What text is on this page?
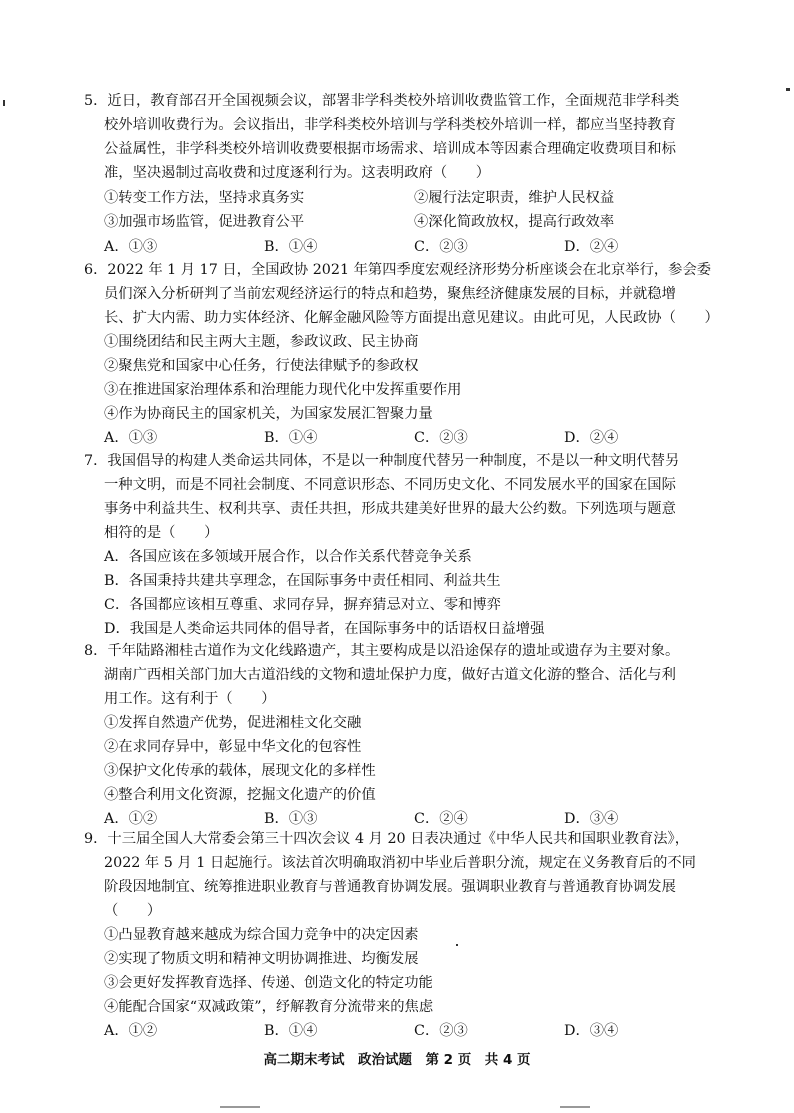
5．近日，教育部召开全国视频会议，部署非学科类校外培训收费监管工作，全面规范非学科类
校外培训收费行为。会议指出，非学科类校外培训与学科类校外培训一样，都应当坚持教育
公益属性，非学科类校外培训收费要根据市场需求、培训成本等因素合理确定收费项目和标
准，坚决遏制过高收费和过度逐利行为。这表明政府（　　）
①转变工作方法，坚持求真务实	②履行法定职责，维护人民权益
③加强市场监管，促进教育公平	④深化简政放权，提高行政效率
A．①③	B．①④	C．②③	D．②④
6．2022 年 1 月 17 日，全国政协 2021 年第四季度宏观经济形势分析座谈会在北京举行，参会委
员们深入分析研判了当前宏观经济运行的特点和趋势，聚焦经济健康发展的目标，并就稳增
长、扩大内需、助力实体经济、化解金融风险等方面提出意见建议。由此可见，人民政协（　　）
①围绕团结和民主两大主题，参政议政、民主协商
②聚焦党和国家中心任务，行使法律赋予的参政权
③在推进国家治理体系和治理能力现代化中发挥重要作用
④作为协商民主的国家机关，为国家发展汇智聚力量
A．①③	B．①④	C．②③	D．②④
7．我国倡导的构建人类命运共同体，不是以一种制度代替另一种制度，不是以一种文明代替另
一种文明，而是不同社会制度、不同意识形态、不同历史文化、不同发展水平的国家在国际
事务中利益共生、权利共享、责任共担，形成共建美好世界的最大公约数。下列选项与题意
相符的是（　　）
A．各国应该在多领域开展合作，以合作关系代替竞争关系
B．各国秉持共建共享理念，在国际事务中责任相同、利益共生
C．各国都应该相互尊重、求同存异，摒弃猜忌对立、零和博弈
D．我国是人类命运共同体的倡导者，在国际事务中的话语权日益增强
8．千年陆路湘桂古道作为文化线路遗产，其主要构成是以沿途保存的遗址或遗存为主要对象。
湖南广西相关部门加大古道沿线的文物和遗址保护力度，做好古道文化游的整合、活化与利
用工作。这有利于（　　）
①发挥自然遗产优势，促进湘桂文化交融
②在求同存异中，彰显中华文化的包容性
③保护文化传承的载体，展现文化的多样性
④整合利用文化资源，挖掘文化遗产的价值
A．①②	B．①③	C．②④	D．③④
9．十三届全国人大常委会第三十四次会议 4 月 20 日表决通过《中华人民共和国职业教育法》，
2022 年 5 月 1 日起施行。该法首次明确取消初中毕业后普职分流，规定在义务教育后的不同
阶段因地制宜、统筹推进职业教育与普通教育协调发展。强调职业教育与普通教育协调发展
（　　）
①凸显教育越来越成为综合国力竞争中的决定因素
②实现了物质文明和精神文明协调推进、均衡发展
③会更好发挥教育选择、传递、创造文化的特定功能
④能配合国家“双减政策”，纾解教育分流带来的焦虑
A．①②	B．①④	C．②③	D．③④
高二期末考试　政治试题　第 2 页　共 4 页
